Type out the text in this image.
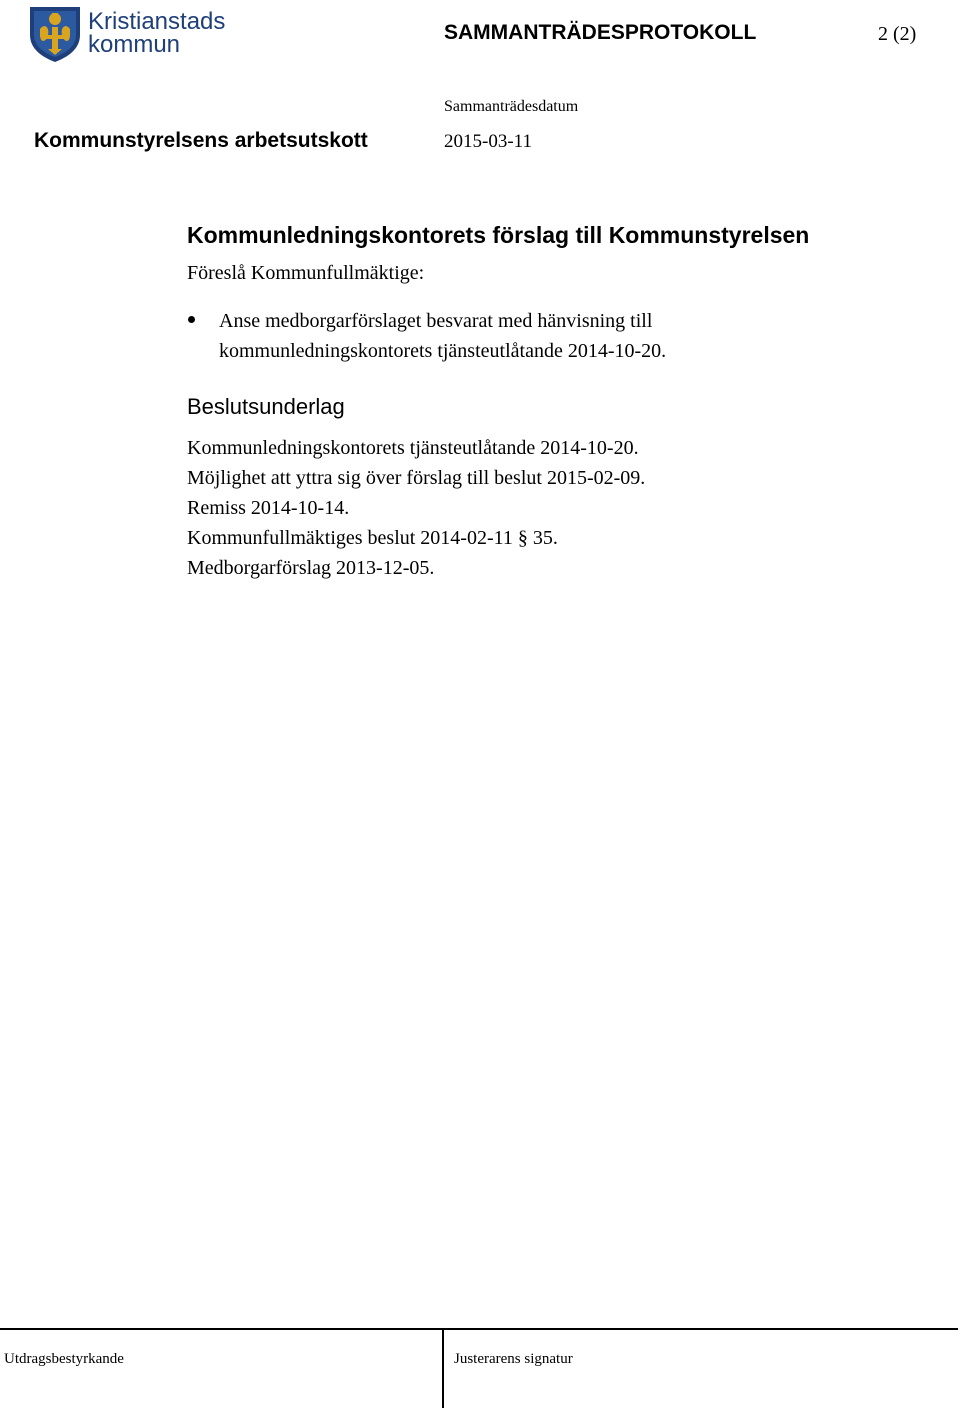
Kristianstads
kommun	SAMMANTRÄDESPROTOKOLL	2 (2)
Sammanträdesdatum
Kommunstyrelsens arbetsutskott	2015-03-11
Kommunledningskontorets förslag till Kommunstyrelsen
Föreslå Kommunfullmäktige:
Anse medborgarförslaget besvarat med hänvisning till kommunledningskontorets tjänsteutlåtande 2014-10-20.
Beslutsunderlag
Kommunledningskontorets tjänsteutlåtande 2014-10-20.
Möjlighet att yttra sig över förslag till beslut 2015-02-09.
Remiss 2014-10-14.
Kommunfullmäktiges beslut 2014-02-11 § 35.
Medborgarförslag 2013-12-05.
Utdragsbestyrkande	Justerarens signatur
